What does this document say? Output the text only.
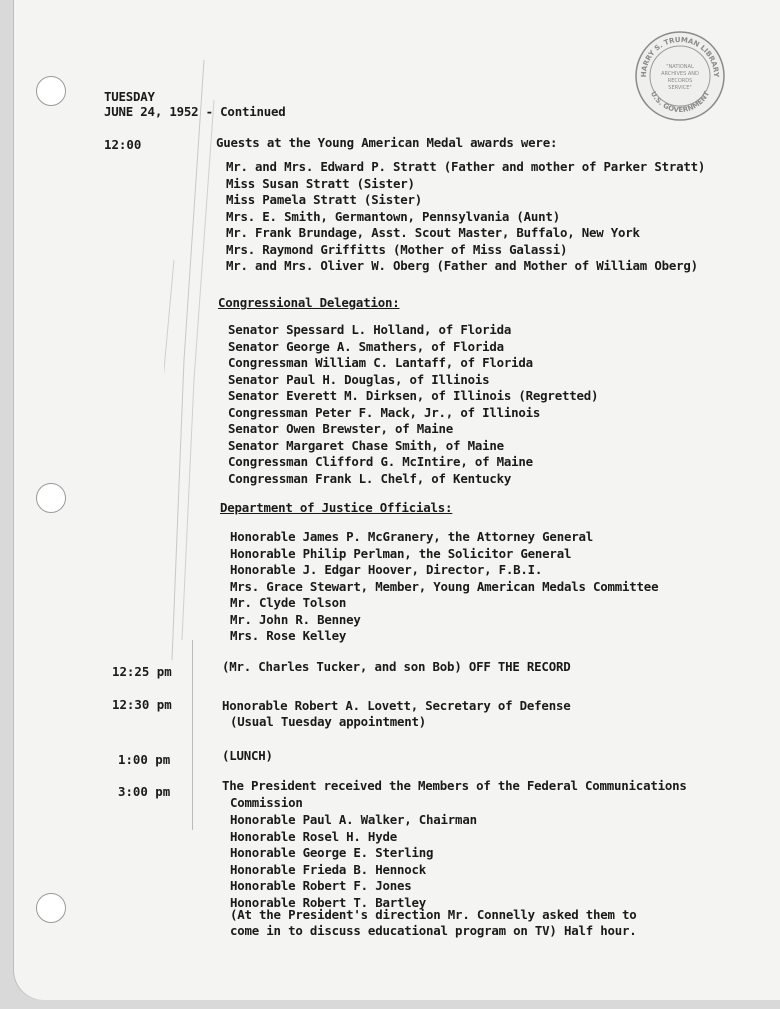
HARRY S. TRUMAN LIBRARY
U.S. GOVERNMENT
"NATIONAL
ARCHIVES AND
RECORDS
SERVICE"
TUESDAY
JUNE 24, 1952 - Continued
12:00	Guests at the Young American Medal awards were:
Mr. and Mrs. Edward P. Stratt (Father and mother of Parker Stratt)
Miss Susan Stratt (Sister)
Miss Pamela Stratt (Sister)
Mrs. E. Smith, Germantown, Pennsylvania (Aunt)
Mr. Frank Brundage, Asst. Scout Master, Buffalo, New York
Mrs. Raymond Griffitts (Mother of Miss Galassi)
Mr. and Mrs. Oliver W. Oberg (Father and Mother of William Oberg)
Congressional Delegation:
Senator Spessard L. Holland, of Florida
Senator George A. Smathers, of Florida
Congressman William C. Lantaff, of Florida
Senator Paul H. Douglas, of Illinois
Senator Everett M. Dirksen, of Illinois (Regretted)
Congressman Peter F. Mack, Jr., of Illinois
Senator Owen Brewster, of Maine
Senator Margaret Chase Smith, of Maine
Congressman Clifford G. McIntire, of Maine
Congressman Frank L. Chelf, of Kentucky
Department of Justice Officials:
Honorable James P. McGranery, the Attorney General
Honorable Philip Perlman, the Solicitor General
Honorable J. Edgar Hoover, Director, F.B.I.
Mrs. Grace Stewart, Member, Young American Medals Committee
Mr. Clyde Tolson
Mr. John R. Benney
Mrs. Rose Kelley
12:25 pm	(Mr. Charles Tucker, and son Bob) OFF THE RECORD
12:30 pm	Honorable Robert A. Lovett, Secretary of Defense
(Usual Tuesday appointment)
1:00 pm	(LUNCH)
3:00 pm	The President received the Members of the Federal Communications
Commission
Honorable Paul A. Walker, Chairman
Honorable Rosel H. Hyde
Honorable George E. Sterling
Honorable Frieda B. Hennock
Honorable Robert F. Jones
Honorable Robert T. Bartley
(At the President's direction Mr. Connelly asked them to
come in to discuss educational program on TV) Half hour.
